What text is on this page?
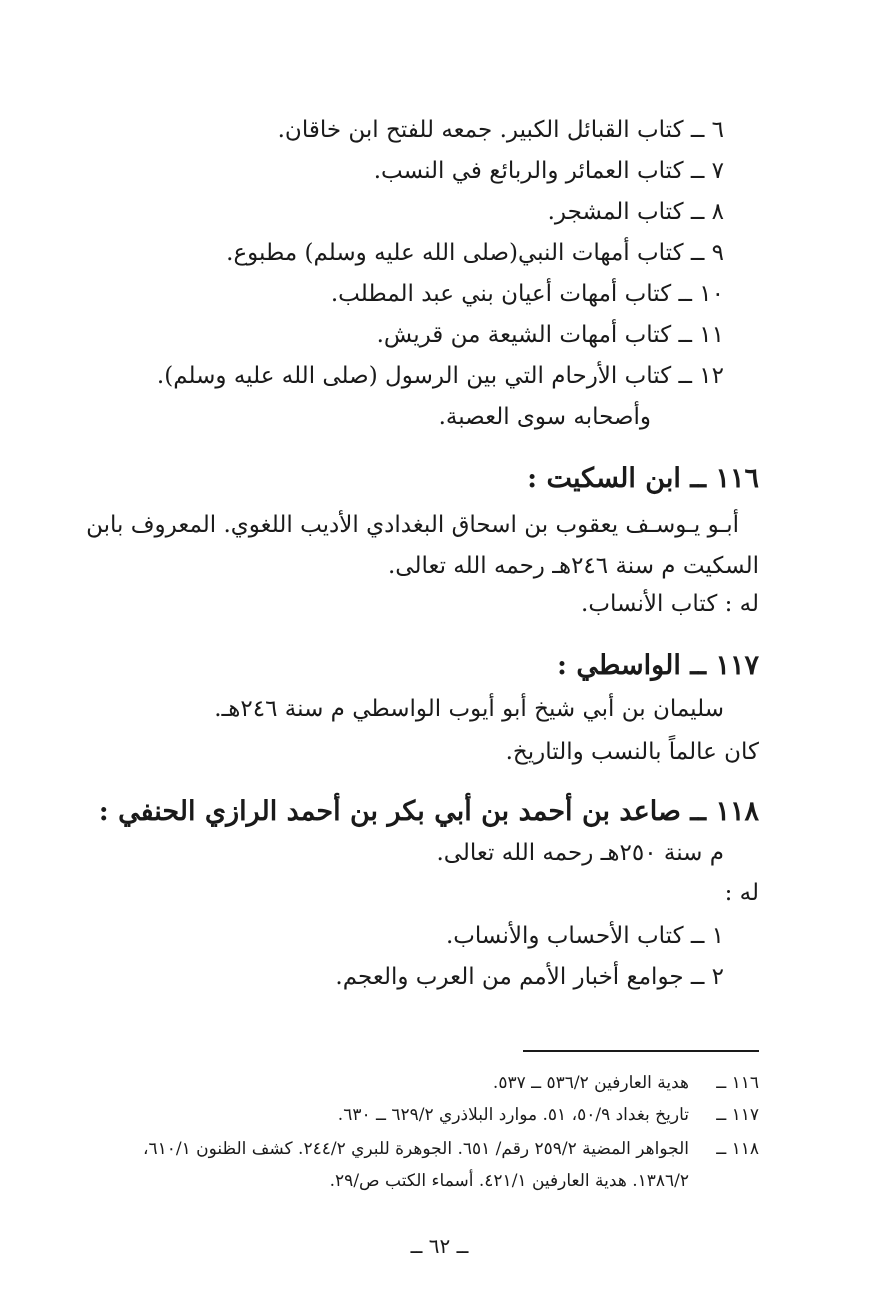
٦ ــ كتاب القبائل الكبير. جمعه للفتح ابن خاقان.
٧ ــ كتاب العمائر والربائع في النسب.
٨ ــ كتاب المشجر.
٩ ــ كتاب أمهات النبي(صلى الله عليه وسلم) مطبوع.
١٠ ــ كتاب أمهات أعيان بني عبد المطلب.
١١ ــ كتاب أمهات الشيعة من قريش.
١٢ ــ كتاب الأرحام التي بين الرسول (صلى الله عليه وسلم).
وأصحابه سوى العصبة.
١١٦ ــ ابن السكيت :
أبـو يـوسـف يعقوب بن اسحاق البغدادي الأديب اللغوي. المعروف بابن
السكيت م سنة ٢٤٦هـ رحمه الله تعالى.
له : كتاب الأنساب.
١١٧ ــ الواسطي :
سليمان بن أبي شيخ أبو أيوب الواسطي م سنة ٢٤٦هـ.
كان عالماً بالنسب والتاريخ.
١١٨ ــ صاعد بن أحمد بن أبي بكر بن أحمد الرازي الحنفي :
م سنة ٢٥٠هـ رحمه الله تعالى.
له :
١ ــ كتاب الأحساب والأنساب.
٢ ــ جوامع أخبار الأمم من العرب والعجم.
١١٦ ــهدية العارفين ٥٣٦/٢ ــ ٥٣٧.
١١٧ ــتاريخ بغداد ٥٠/٩، ٥١. موارد البلاذري ٦٢٩/٢ ــ ٦٣٠.
١١٨ ــالجواهر المضية ٢٥٩/٢ رقم/ ٦٥١. الجوهرة للبري ٢٤٤/٢. كشف الظنون ٦١٠/١،
١٣٨٦/٢. هدية العارفين ٤٢١/١. أسماء الكتب ص/٢٩.
ــ ٦٢ ــ
